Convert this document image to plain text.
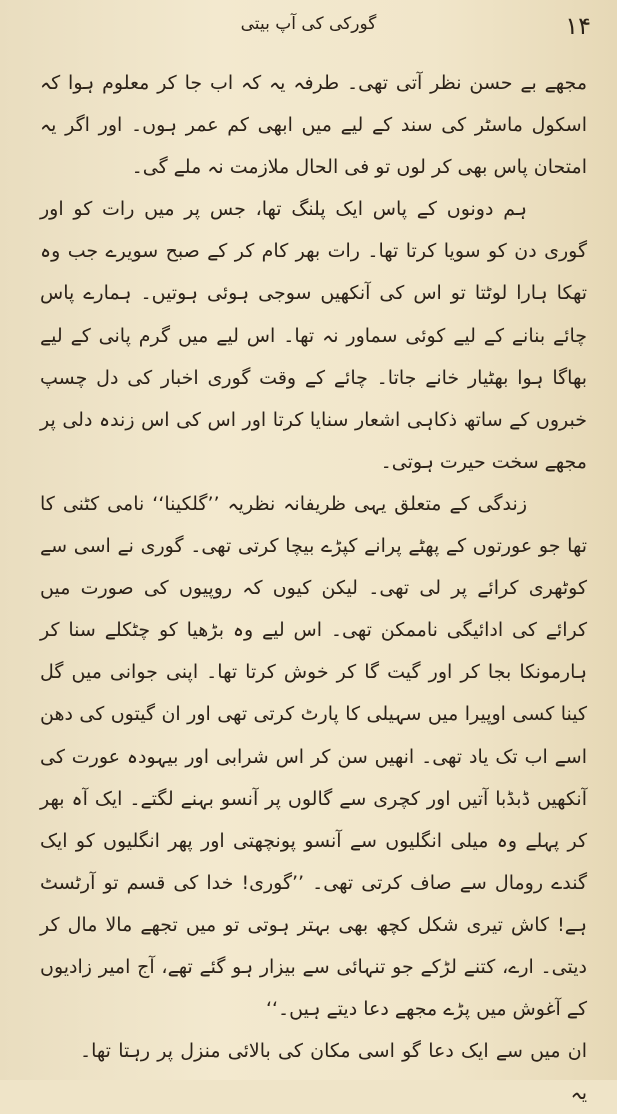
۱۴
گورکی کی آپ بیتی

مجھے بے حسن نظر آتی تھی۔ طرفہ یہ کہ اب جا کر معلوم ہوا کہ اسکول ماسٹر کی سند کے لیے میں ابھی کم عمر ہوں۔ اور اگر یہ امتحان پاس بھی کر لوں تو فی الحال ملازمت نہ ملے گی۔

ہم دونوں کے پاس ایک پلنگ تھا، جس پر میں رات کو اور گوری دن کو سویا کرتا تھا۔ رات بھر کام کر کے صبح سویرے جب وہ تھکا ہارا لوٹتا تو اس کی آنکھیں سوجی ہوئی ہوتیں۔ ہمارے پاس چائے بنانے کے لیے کوئی سماور نہ تھا۔ اس لیے میں گرم پانی کے لیے بھاگا ہوا بھٹیار خانے جاتا۔ چائے کے وقت گوری اخبار کی دل چسپ خبروں کے ساتھ ذکاہی اشعار سنایا کرتا اور اس کی اس زندہ دلی پر مجھے سخت حیرت ہوتی۔

زندگی کے متعلق یہی ظریفانہ نظریہ ’’گلکینا‘‘ نامی کٹنی کا تھا جو عورتوں کے پھٹے پرانے کپڑے بیچا کرتی تھی۔ گوری نے اسی سے کوٹھری کرائے پر لی تھی۔ لیکن کیوں کہ روپیوں کی صورت میں کرائے کی ادائیگی ناممکن تھی۔ اس لیے وہ بڑھیا کو چٹکلے سنا کر ہارمونکا بجا کر اور گیت گا کر خوش کرتا تھا۔ اپنی جوانی میں گل کینا کسی اوپیرا میں سہیلی کا پارٹ کرتی تھی اور ان گیتوں کی دھن اسے اب تک یاد تھی۔ انھیں سن کر اس شرابی اور بیہودہ عورت کی آنکھیں ڈبڈبا آتیں اور کچری سے گالوں پر آنسو بہنے لگتے۔ ایک آہ بھر کر پہلے وہ میلی انگلیوں سے آنسو پونچھتی اور پھر انگلیوں کو ایک گندے رومال سے صاف کرتی تھی۔ ’’گوری! خدا کی قسم تو آرٹسٹ ہے! کاش تیری شکل کچھ بھی بہتر ہوتی تو میں تجھے مالا مال کر دیتی۔ ارے، کتنے لڑکے جو تنہائی سے بیزار ہو گئے تھے، آج امیر زادیوں کے آغوش میں پڑے مجھے دعا دیتے ہیں۔‘‘

ان میں سے ایک دعا گو اسی مکان کی بالائی منزل پر رہتا تھا۔ یہ
